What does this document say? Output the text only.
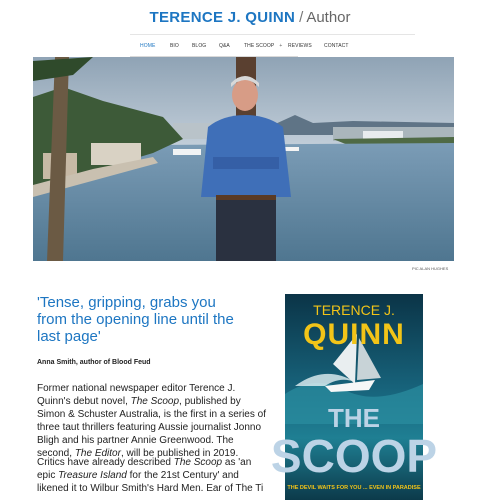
TERENCE J. QUINN / Author
HOME	BIO	BLOG	Q&A	THE SCOOP + REVIEWS CONTACT
PIC ALAN HUGHES
'Tense, gripping, grabs you from the opening line until the last page'
Anna Smith, author of Blood Feud

Former national newspaper editor Terence J. Quinn's debut novel, The Scoop, published by Simon & Schuster Australia, is the first in a series of three taut thrillers featuring Aussie journalist Jonno Bligh and his partner Annie Greenwood. The second, The Editor, will be published in 2019.

Critics have already described The Scoop as 'an epic Treasure Island for the 21st Century' and likened it to Wilbur Smith's Hard Men. Ear of The Ti

TERENCE J.
QUINN
THE
SCOOP
THE DEVIL WAITS FOR YOU ... EVEN IN PARADISE
